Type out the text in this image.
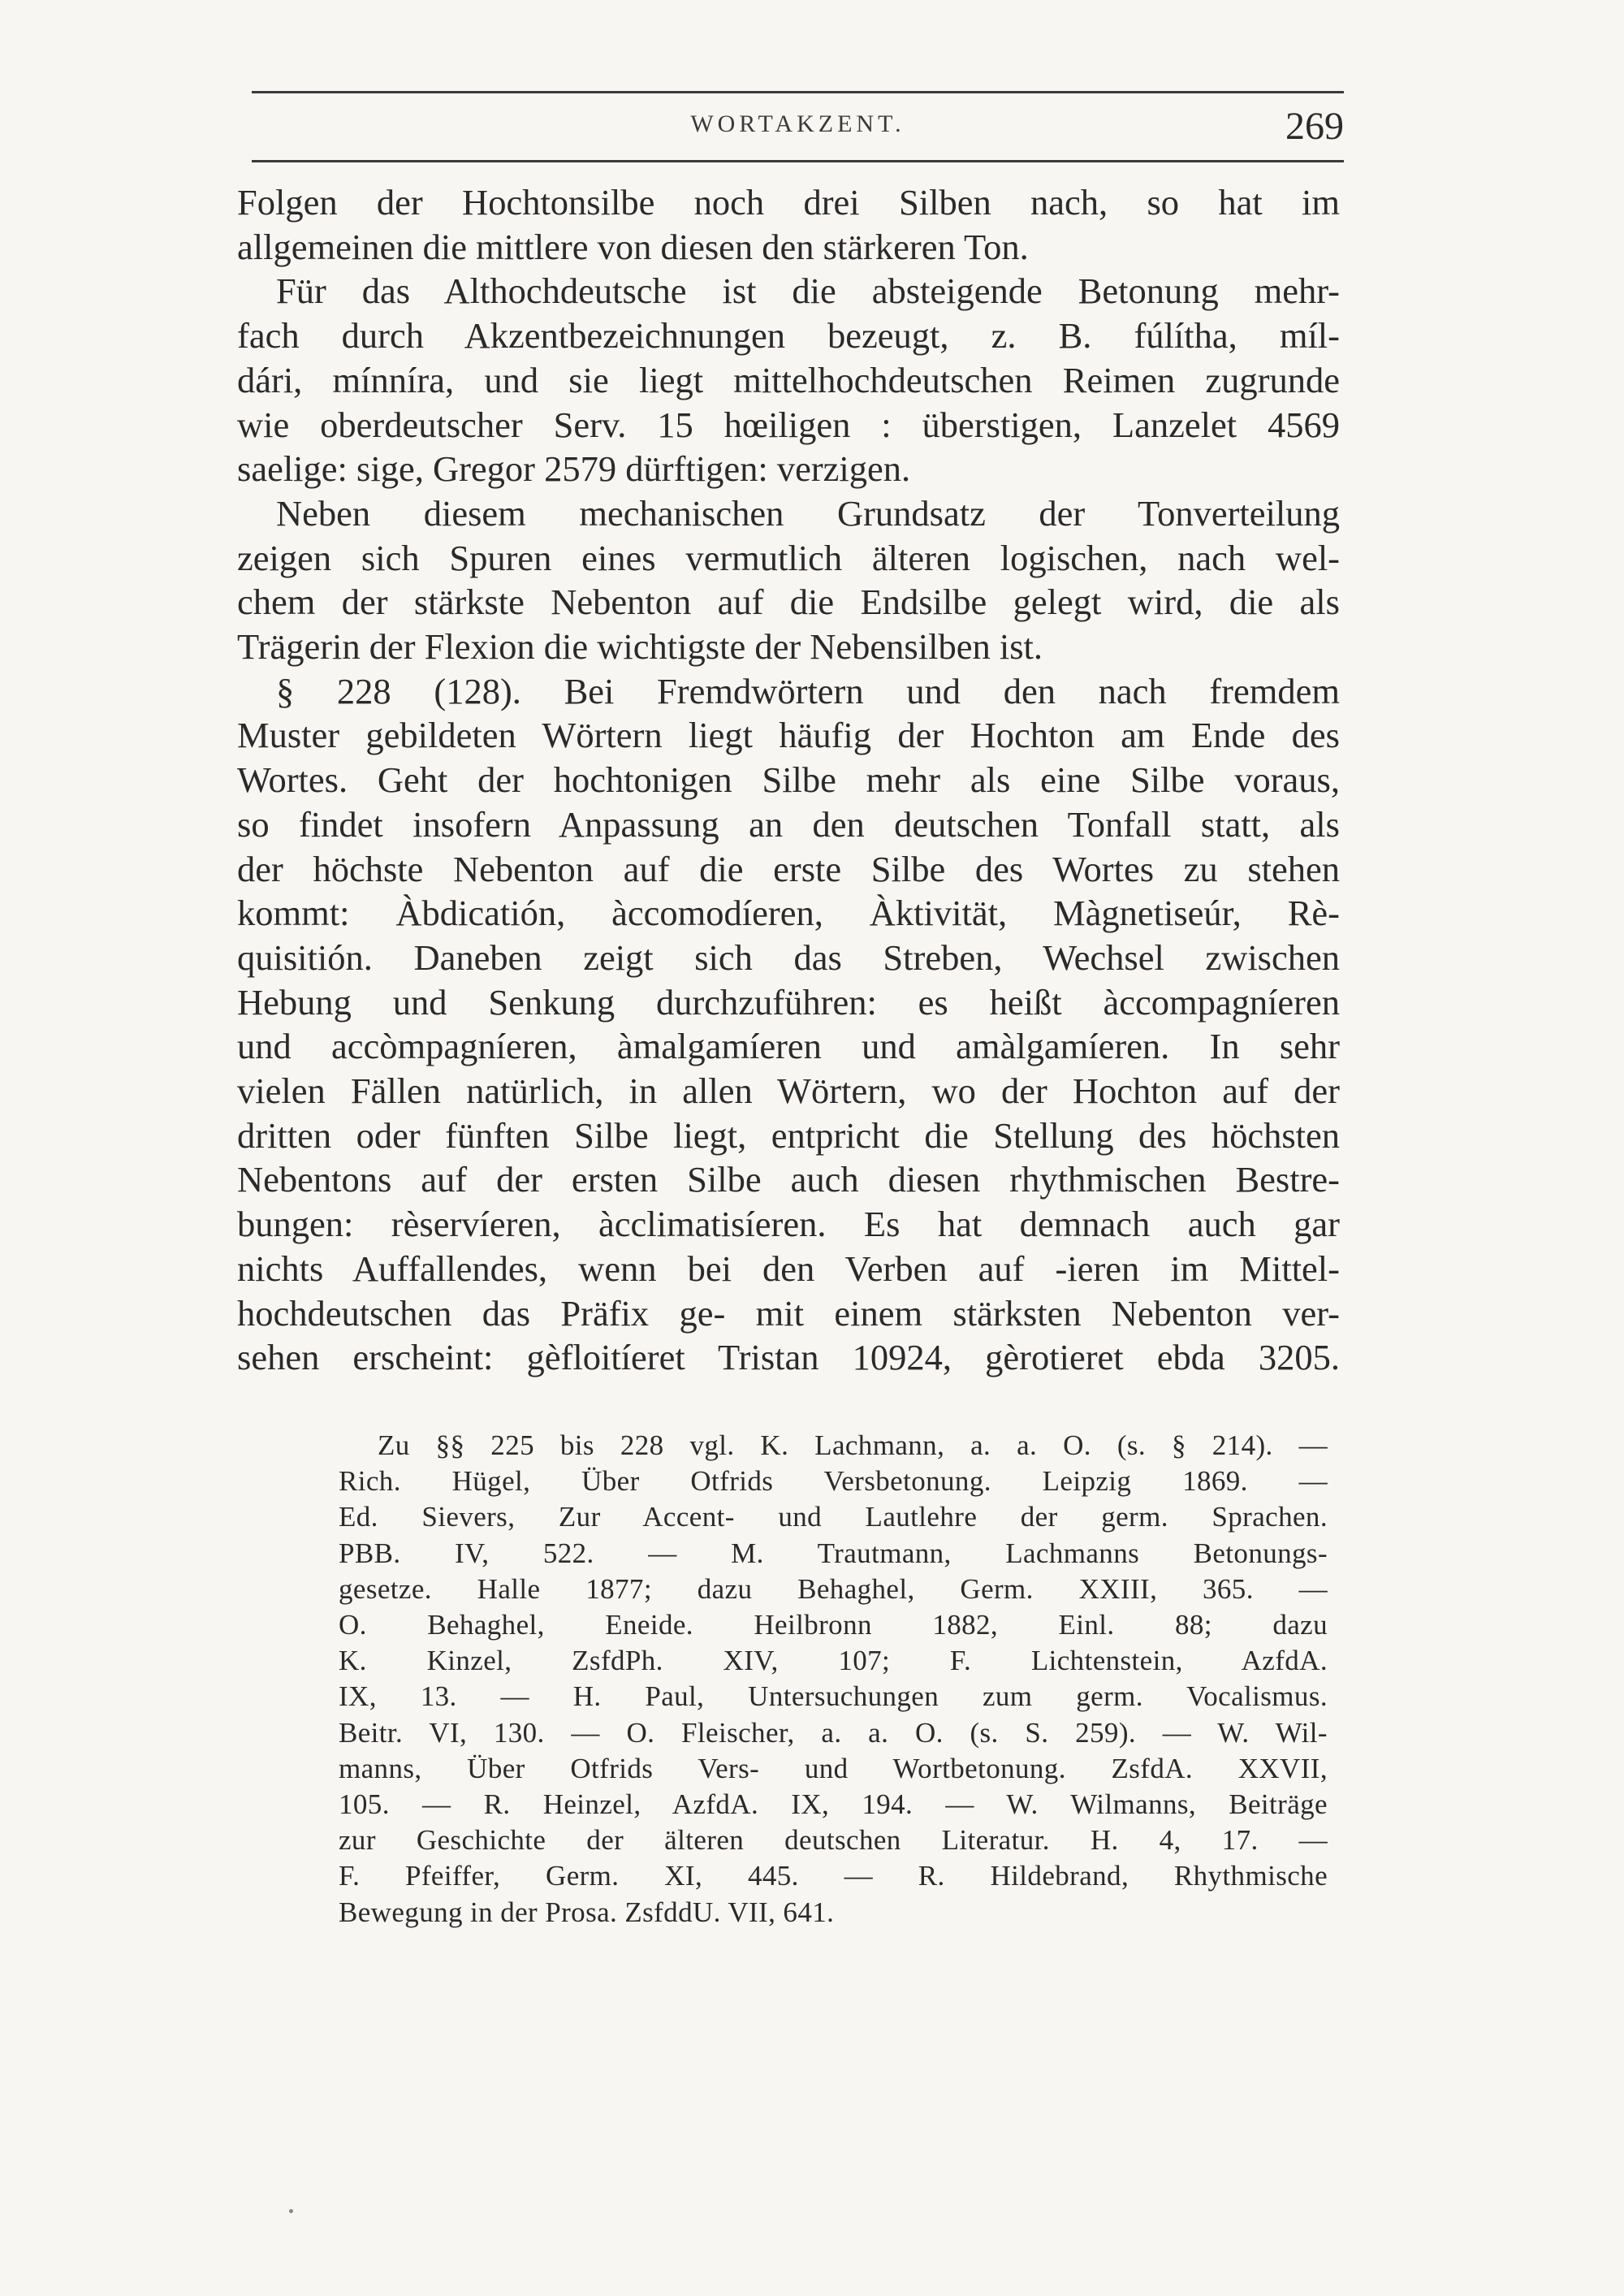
WORTAKZENT.	269
Folgen der Hochtonsilbe noch drei Silben nach, so hat im
allgemeinen die mittlere von diesen den stärkeren Ton.
Für das Althochdeutsche ist die absteigende Betonung mehr-
fach durch Akzentbezeichnungen bezeugt, z. B. fúlítha, míl-
dári, mínníra, und sie liegt mittelhochdeutschen Reimen zugrunde
wie oberdeutscher Serv. 15 hœiligen : überstigen, Lanzelet 4569
saelige: sige, Gregor 2579 dürftigen: verzigen.
Neben diesem mechanischen Grundsatz der Tonverteilung
zeigen sich Spuren eines vermutlich älteren logischen, nach wel-
chem der stärkste Nebenton auf die Endsilbe gelegt wird, die als
Trägerin der Flexion die wichtigste der Nebensilben ist.
§ 228 (128). Bei Fremdwörtern und den nach fremdem
Muster gebildeten Wörtern liegt häufig der Hochton am Ende des
Wortes. Geht der hochtonigen Silbe mehr als eine Silbe voraus,
so findet insofern Anpassung an den deutschen Tonfall statt, als
der höchste Nebenton auf die erste Silbe des Wortes zu stehen
kommt: Àbdicatión, àccomodíeren, Àktivität, Màgnetiseúr, Rè-
quisitión. Daneben zeigt sich das Streben, Wechsel zwischen
Hebung und Senkung durchzuführen: es heißt àccompagníeren
und accòmpagníeren, àmalgamíeren und amàlgamíeren. In sehr
vielen Fällen natürlich, in allen Wörtern, wo der Hochton auf der
dritten oder fünften Silbe liegt, entpricht die Stellung des höchsten
Nebentons auf der ersten Silbe auch diesen rhythmischen Bestre-
bungen: rèservíeren, àcclimatisíeren. Es hat demnach auch gar
nichts Auffallendes, wenn bei den Verben auf -ieren im Mittel-
hochdeutschen das Präfix ge- mit einem stärksten Nebenton ver-
sehen erscheint: gèfloitíeret Tristan 10924, gèrotieret ebda 3205.
Zu §§ 225 bis 228 vgl. K. Lachmann, a. a. O. (s. § 214). —
Rich. Hügel, Über Otfrids Versbetonung. Leipzig 1869. —
Ed. Sievers, Zur Accent- und Lautlehre der germ. Sprachen.
PBB. IV, 522. — M. Trautmann, Lachmanns Betonungs-
gesetze. Halle 1877; dazu Behaghel, Germ. XXIII, 365. —
O. Behaghel, Eneide. Heilbronn 1882, Einl. 88; dazu
K. Kinzel, ZsfdPh. XIV, 107; F. Lichtenstein, AzfdA.
IX, 13. — H. Paul, Untersuchungen zum germ. Vocalismus.
Beitr. VI, 130. — O. Fleischer, a. a. O. (s. S. 259). — W. Wil-
manns, Über Otfrids Vers- und Wortbetonung. ZsfdA. XXVII,
105. — R. Heinzel, AzfdA. IX, 194. — W. Wilmanns, Beiträge
zur Geschichte der älteren deutschen Literatur. H. 4, 17. —
F. Pfeiffer, Germ. XI, 445. — R. Hildebrand, Rhythmische
Bewegung in der Prosa. ZsfddU. VII, 641.
